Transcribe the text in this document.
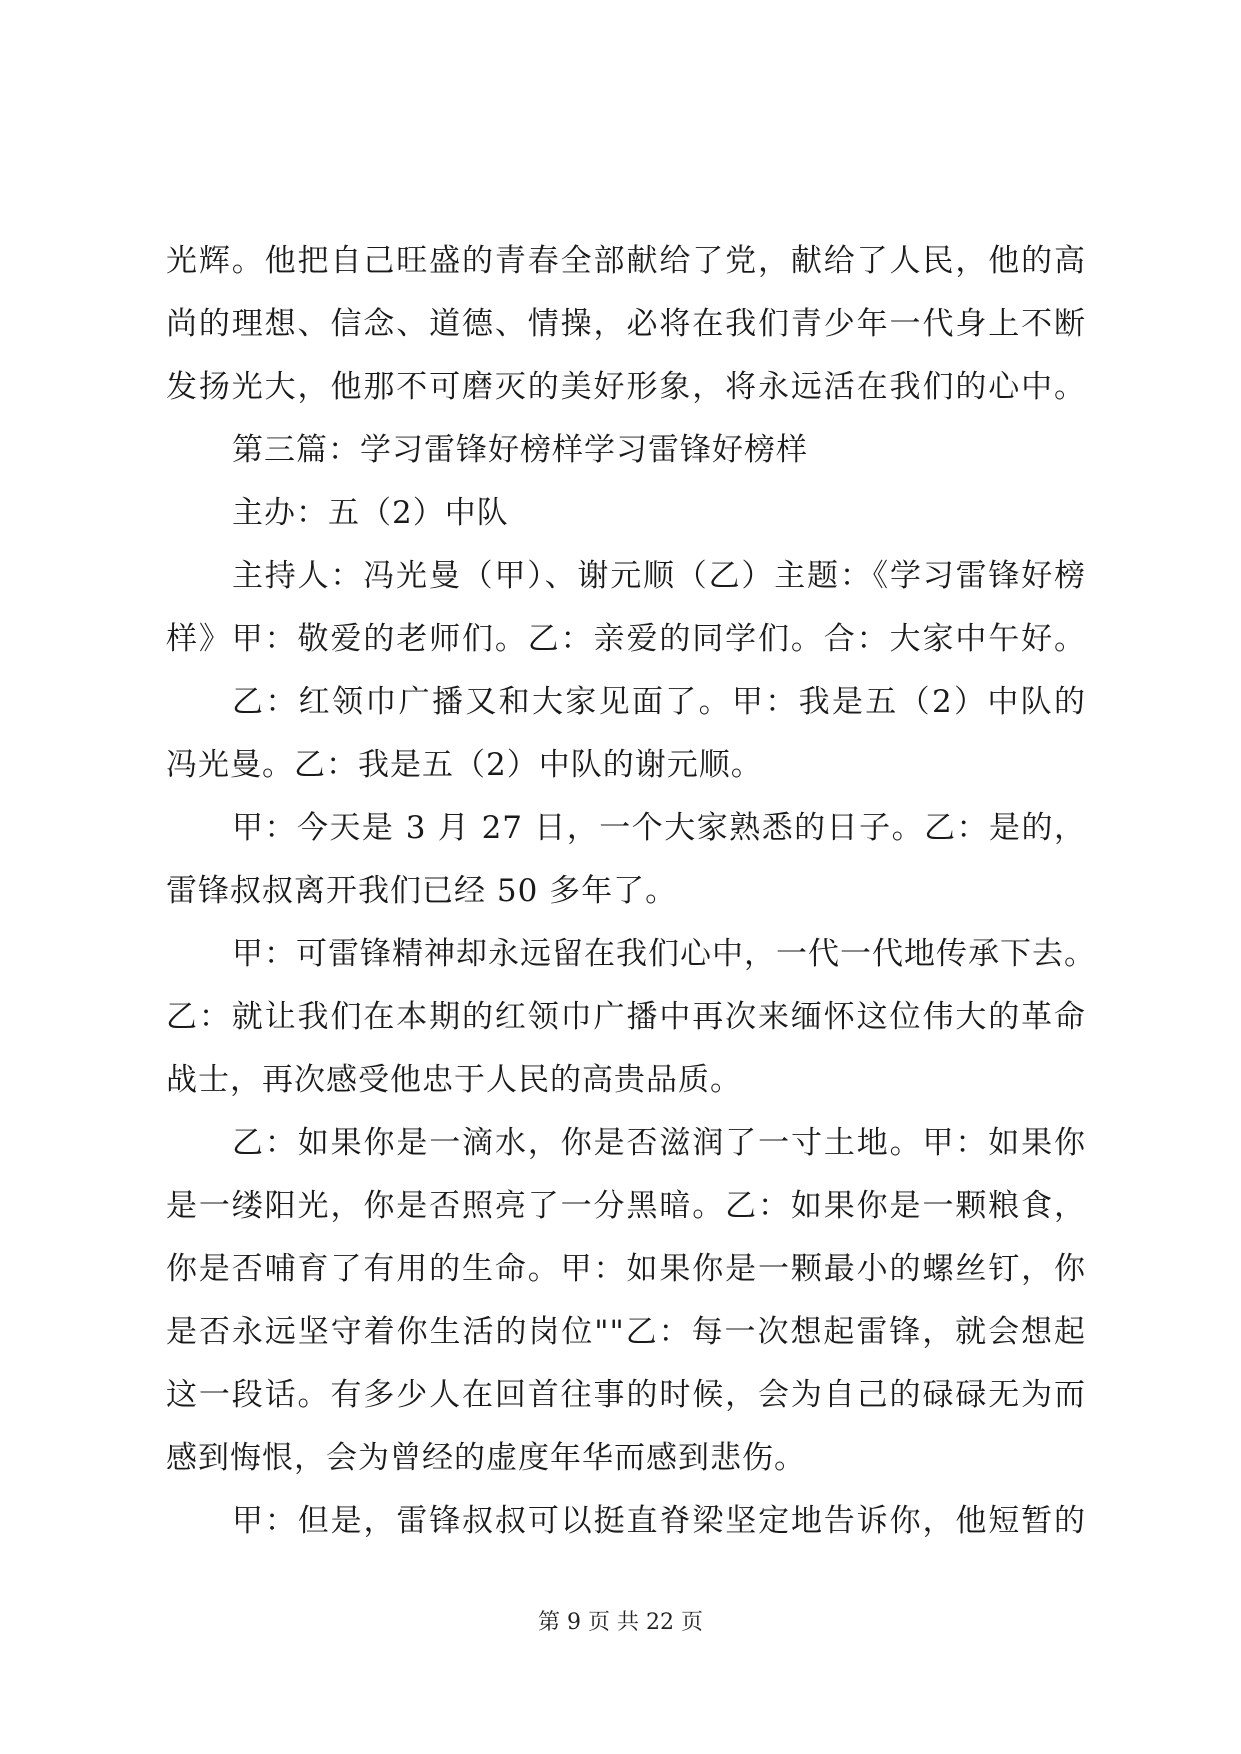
光辉。他把自己旺盛的青春全部献给了党，献给了人民，他的高
尚的理想、信念、道德、情操，必将在我们青少年一代身上不断
发扬光大，他那不可磨灭的美好形象，将永远活在我们的心中。
第三篇：学习雷锋好榜样学习雷锋好榜样
主办：五（2）中队
主持人：冯光曼（甲）、谢元顺（乙）主题：《学习雷锋好榜
样》甲：敬爱的老师们。乙：亲爱的同学们。合：大家中午好。
乙：红领巾广播又和大家见面了。甲：我是五（2）中队的
冯光曼。乙：我是五（2）中队的谢元顺。
甲：今天是 3 月 27 日，一个大家熟悉的日子。乙：是的，
雷锋叔叔离开我们已经 50 多年了。
甲：可雷锋精神却永远留在我们心中，一代一代地传承下去。
乙：就让我们在本期的红领巾广播中再次来缅怀这位伟大的革命
战士，再次感受他忠于人民的高贵品质。
乙：如果你是一滴水，你是否滋润了一寸土地。甲：如果你
是一缕阳光，你是否照亮了一分黑暗。乙：如果你是一颗粮食，
你是否哺育了有用的生命。甲：如果你是一颗最小的螺丝钉，你
是否永远坚守着你生活的岗位""乙：每一次想起雷锋，就会想起
这一段话。有多少人在回首往事的时候，会为自己的碌碌无为而
感到悔恨，会为曾经的虚度年华而感到悲伤。
甲：但是，雷锋叔叔可以挺直脊梁坚定地告诉你，他短暂的
第 9 页 共 22 页
